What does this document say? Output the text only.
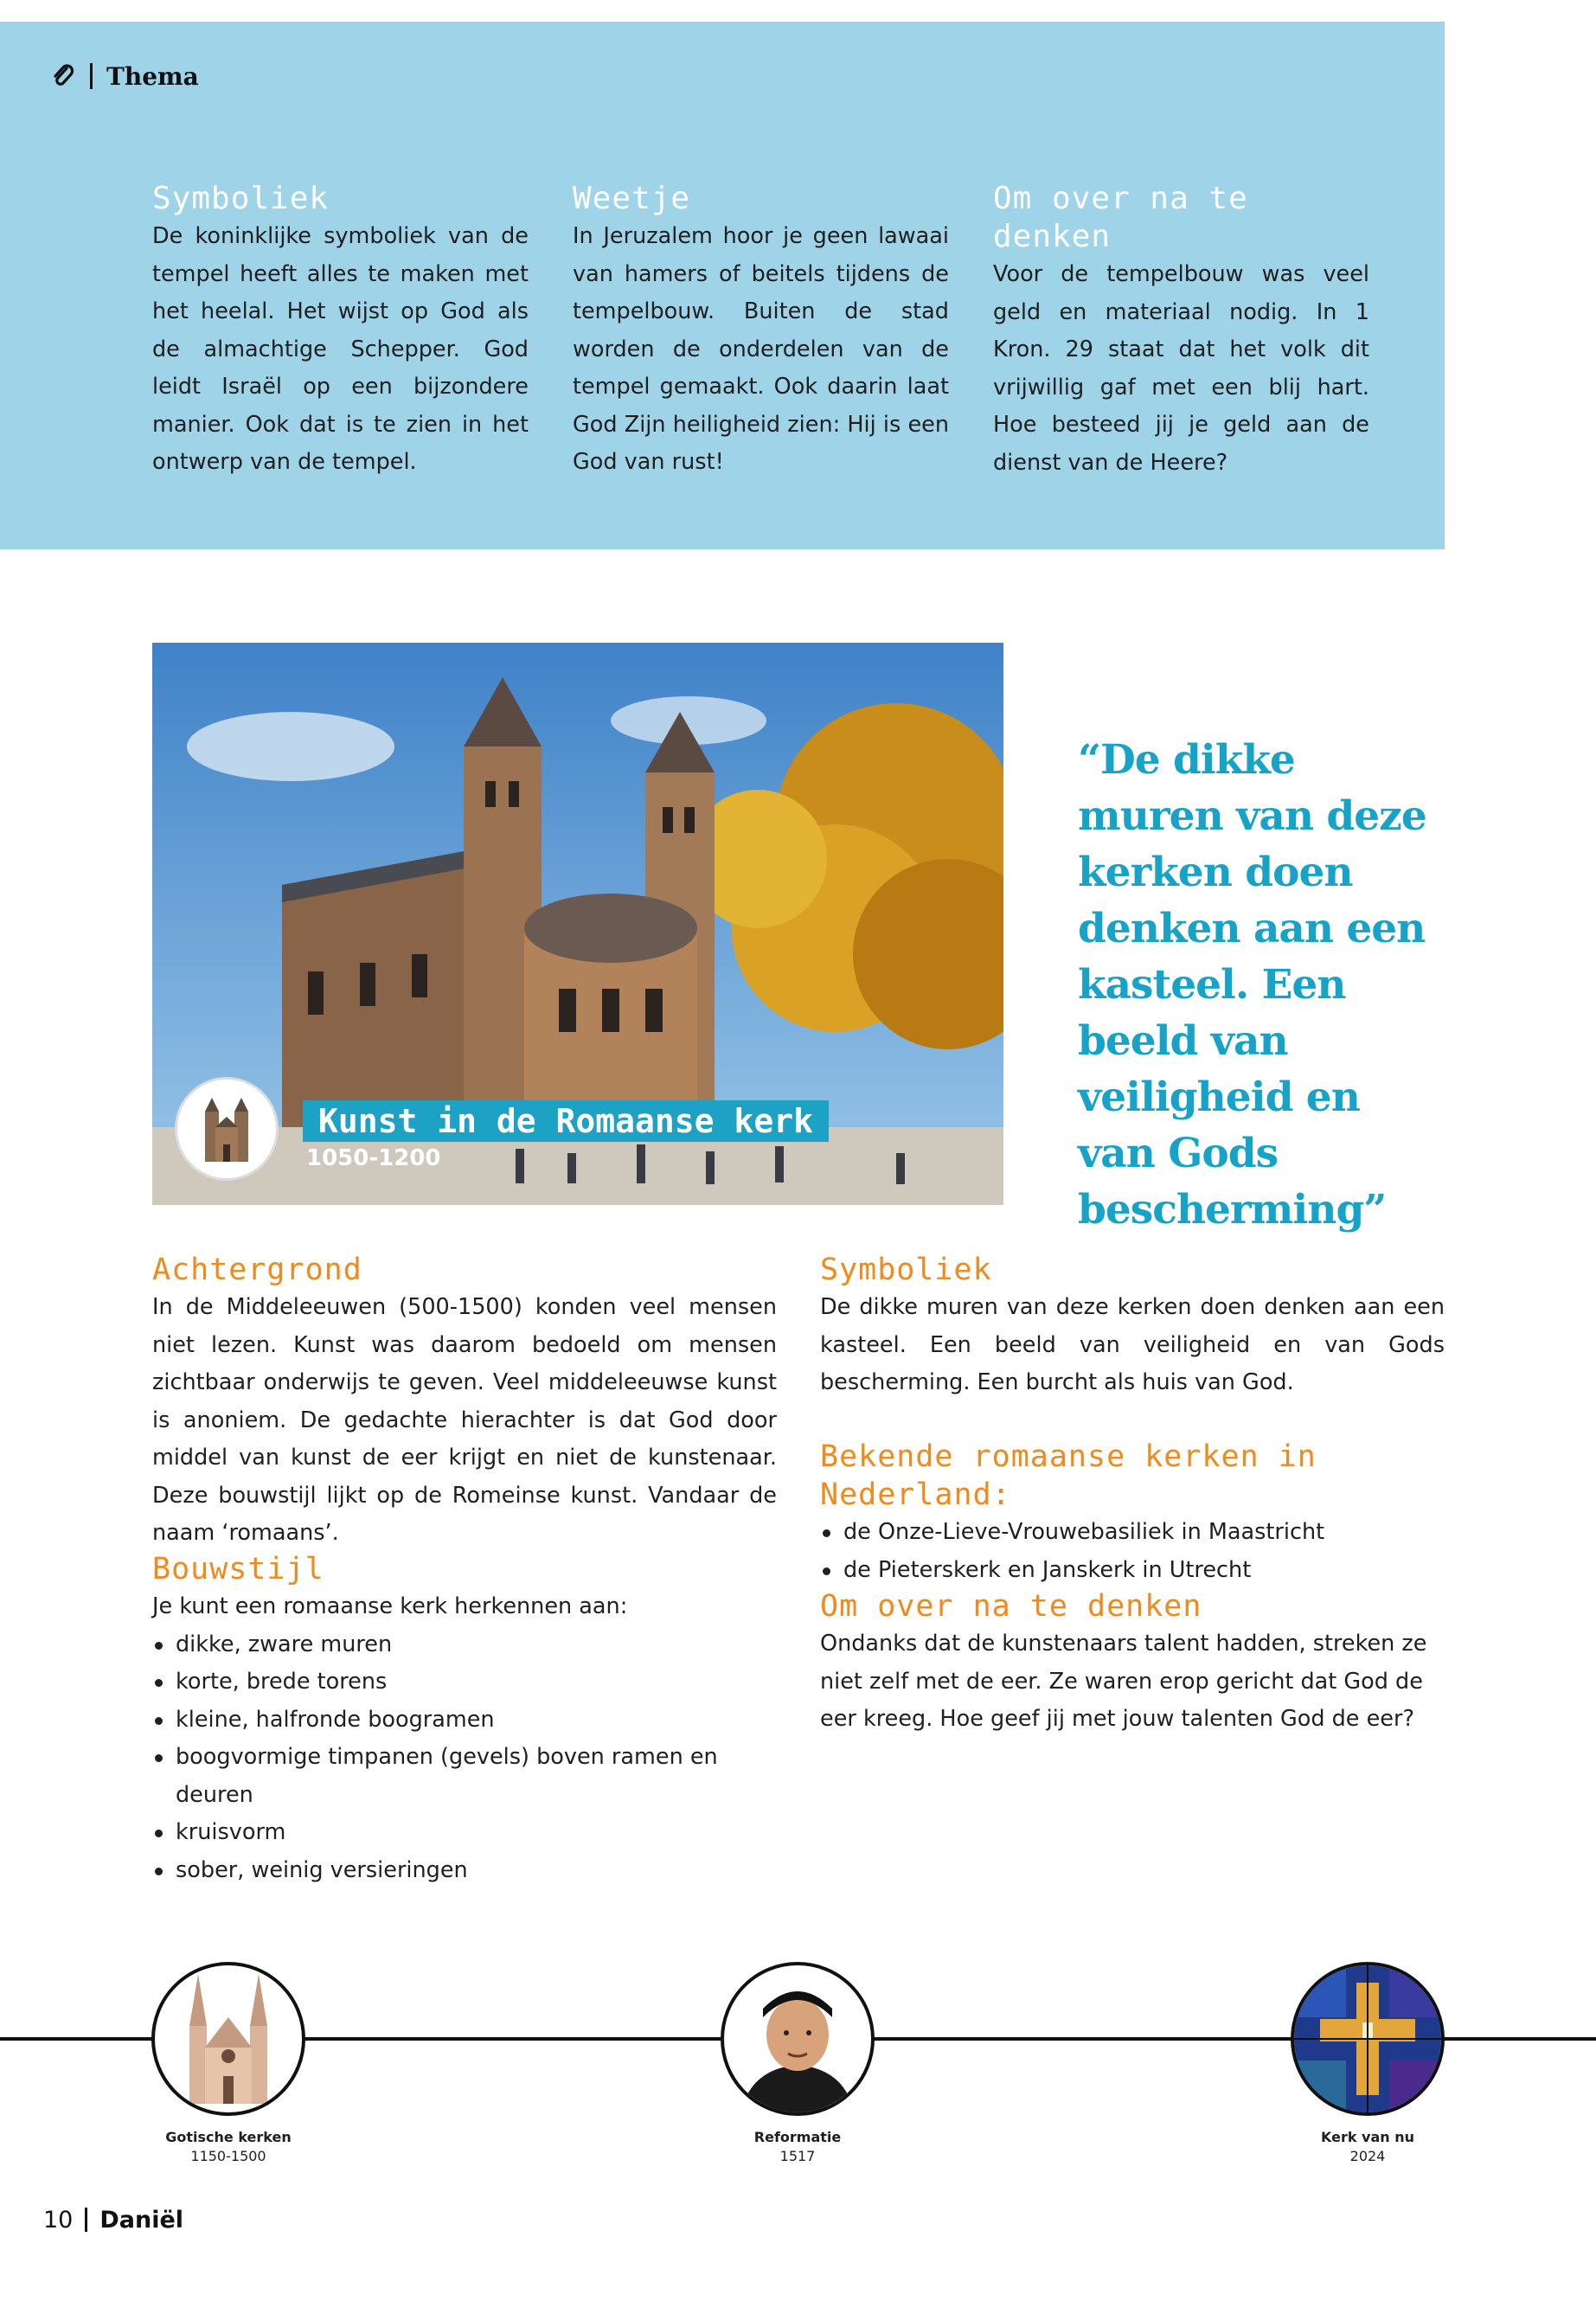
Thema
Symboliek

De koninklijke symboliek van de tempel heeft alles te maken met het heelal. Het wijst op God als de almachtige Schepper. God leidt Israël op een bijzondere manier. Ook dat is te zien in het ontwerp van de tempel.

Weetje

In Jeruzalem hoor je geen lawaai van hamers of beitels tijdens de tempelbouw. Buiten de stad worden de onderdelen van de tempel gemaakt. Ook daarin laat God Zijn heiligheid zien: Hij is een God van rust!

Om over na te denken

Voor de tempelbouw was veel geld en materiaal nodig. In 1 Kron. 29 staat dat het volk dit vrijwillig gaf met een blij hart. Hoe besteed jij je geld aan de dienst van de Heere?

Kunst in de Romaanse kerk
1050-1200
“De dikke muren van deze kerken doen denken aan een kasteel. Een beeld van veiligheid en van Gods bescherming”
Achtergrond

In de Middeleeuwen (500-1500) konden veel mensen niet lezen. Kunst was daarom bedoeld om mensen zichtbaar onderwijs te geven. Veel middeleeuwse kunst is anoniem. De gedachte hierachter is dat God door middel van kunst de eer krijgt en niet de kunstenaar. Deze bouwstijl lijkt op de Romeinse kunst. Vandaar de naam ‘romaans’.

Bouwstijl

Je kunt een romaanse kerk herkennen aan:

dikke, zware muren
korte, brede torens
kleine, halfronde boogramen
boogvormige timpanen (gevels) boven ramen en deuren
kruisvorm
sober, weinig versieringen
Symboliek

De dikke muren van deze kerken doen denken aan een kasteel. Een beeld van veiligheid en van Gods bescherming. Een burcht als huis van God.

Bekende romaanse kerken in Nederland:
de Onze-Lieve-Vrouwebasiliek in Maastricht
de Pieterskerk en Janskerk in Utrecht
Om over na te denken

Ondanks dat de kunstenaars talent hadden, streken ze niet zelf met de eer. Ze waren erop gericht dat God de eer kreeg. Hoe geef jij met jouw talenten God de eer?

Gotische kerken
1150-1500
Reformatie
1517
Kerk van nu
2024
10 Daniël
